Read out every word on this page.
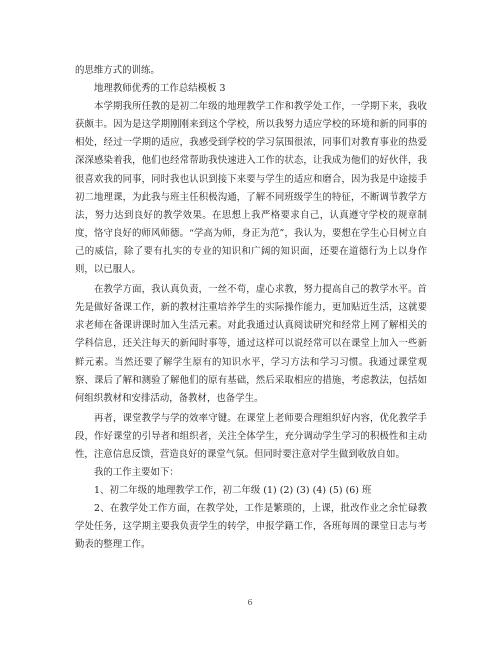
的思维方式的训练。

地理教师优秀的工作总结模板 3

本学期我所任教的是初二年级的地理教学工作和教学处工作，一学期下来，我收获颇丰。因为是这学期刚刚来到这个学校，所以我努力适应学校的环境和新的同事的相处，经过一学期的适应，我感受到学校的学习氛围很浓，同事们对教育事业的热爱深深感染着我，他们也经常帮助我快速进入工作的状态，让我成为他们的好伙伴，我很喜欢我的同事，同时我也认识到接下来要与学生的适应和磨合，因为我是中途接手初二地理课，为此我与班主任积极沟通，了解不同班级学生的特征，不断调节教学方法，努力达到良好的教学效果。在思想上我严格要求自己，认真遵守学校的规章制度，恪守良好的师风师德。“学高为师，身正为范”，我认为，要想在学生心目树立自己的威信，除了要有扎实的专业的知识和广阔的知识面，还要在道德行为上以身作则，以已服人。

在教学方面，我认真负责，一丝不苟，虚心求教，努力提高自己的教学水平。首先是做好备课工作，新的教材注重培养学生的实际操作能力，更加贴近生活，这就要求老师在备课讲课时加入生活元素。对此我通过认真阅读研究和经常上网了解相关的学科信息，还关注每天的新闻时事等，通过这样可以说经常可以在课堂上加入一些新鲜元素。当然还要了解学生原有的知识水平，学习方法和学习习惯。我通过课堂观察、课后了解和测验了解他们的原有基础，然后采取相应的措施，考虑教法，包括如何组织教材和安排活动，备教材，也备学生。

再者，课堂教学与学的效率守键。在课堂上老师要合理组织好内容，优化教学手段，作好课堂的引导者和组织者，关注全体学生，充分调动学生学习的积极性和主动性，注意信息反馈，营造良好的课堂气氛。但同时要注意对学生做到收放自如。

我的工作主要如下：

1、初二年级的地理教学工作，初二年级 (1) (2) (3) (4) (5) (6) 班

2、在教学处工作方面，在教学处，工作是繁琐的，上课，批改作业之余忙碌教学处任务，这学期主要我负责学生的转学，申报学籍工作，各班每周的课堂日志与考勤表的整理工作。

6
